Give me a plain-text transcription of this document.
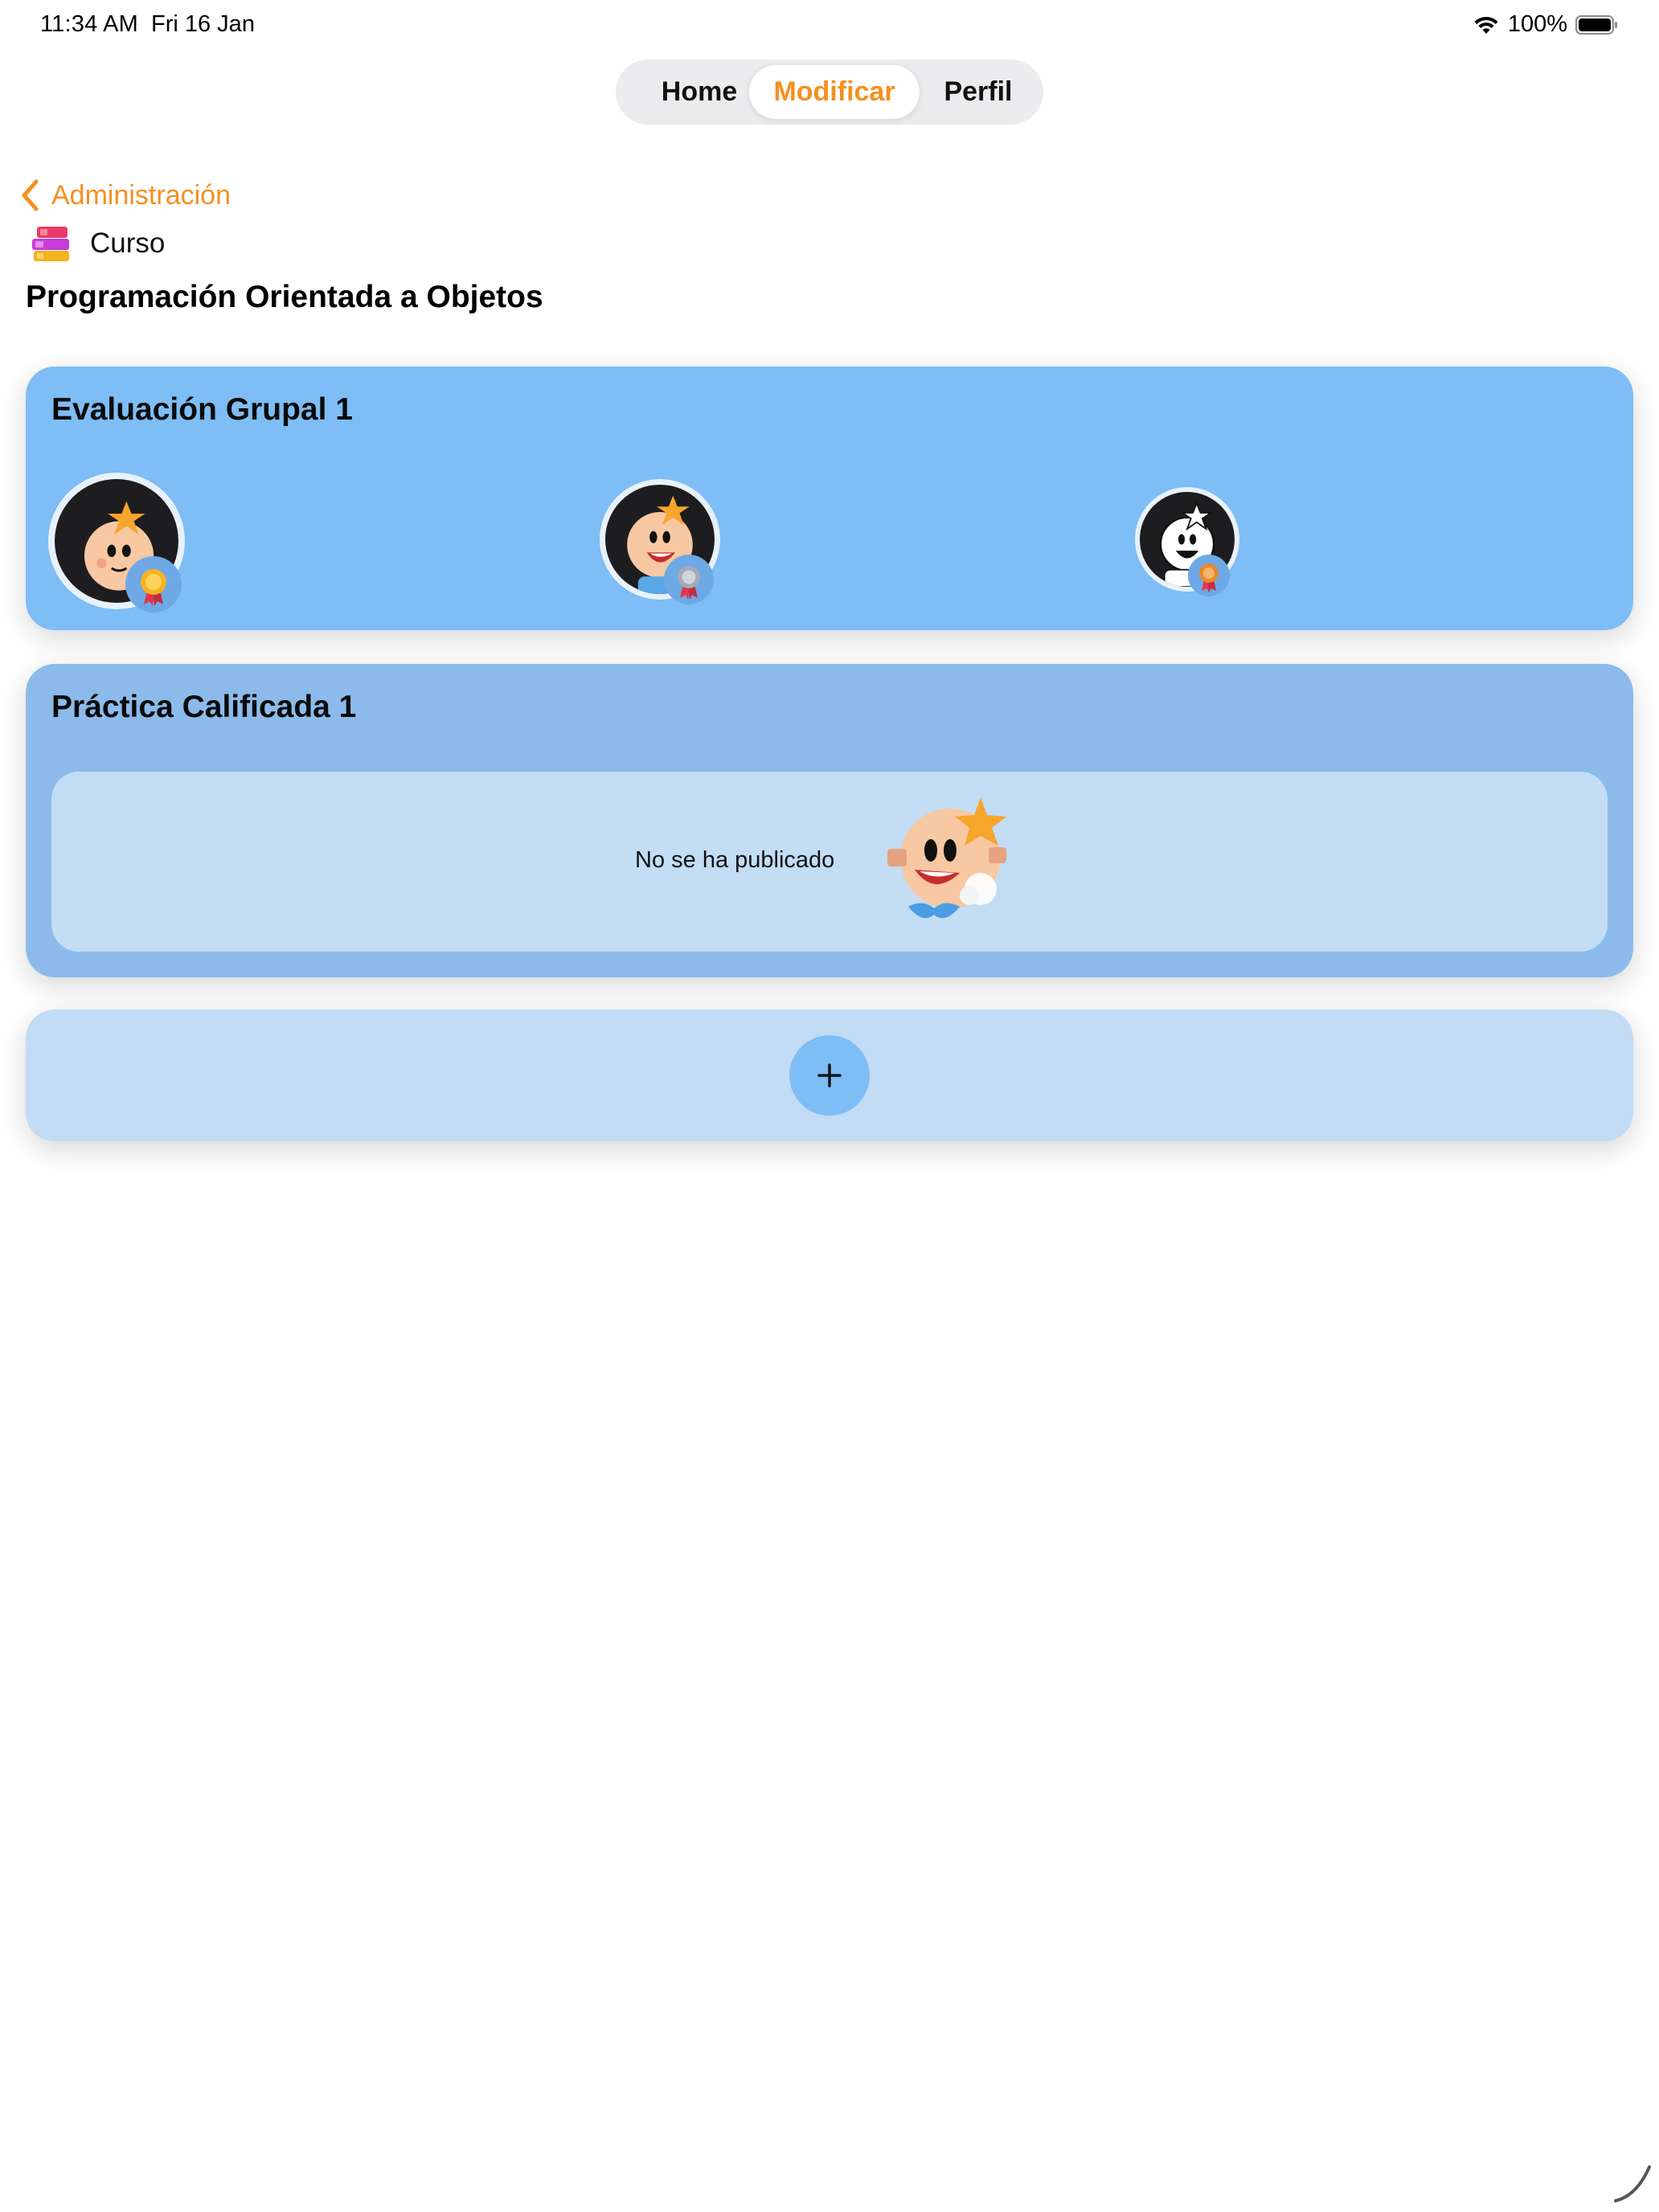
11:34 AM Fri 16 Jan	100%
Home	Modificar	Perfil
Administración
Curso
Programación Orientada a Objetos
Evaluación Grupal 1
Práctica Calificada 1
No se ha publicado
